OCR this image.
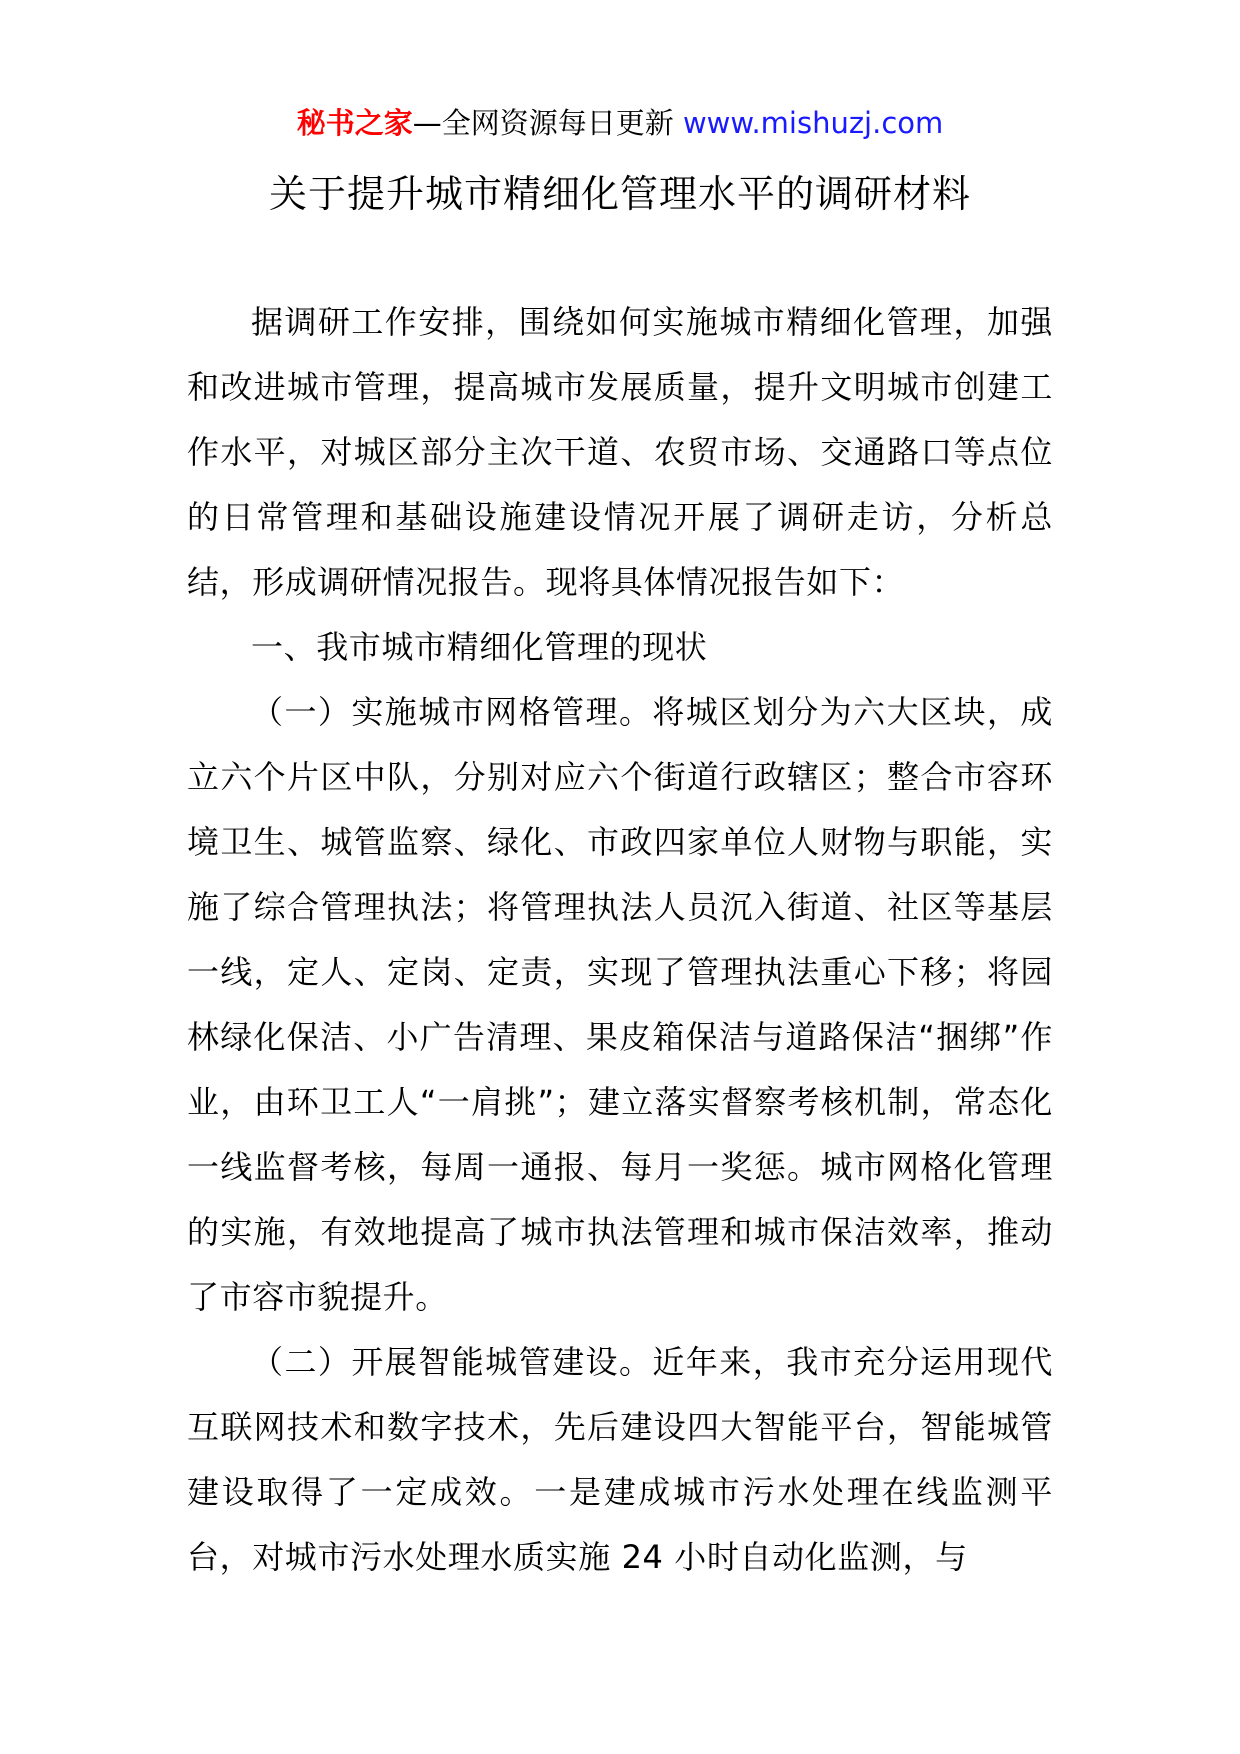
秘书之家—全网资源每日更新 www.mishuzj.com
关于提升城市精细化管理水平的调研材料

据调研工作安排，围绕如何实施城市精细化管理，加强和改进城市管理，提高城市发展质量，提升文明城市创建工作水平，对城区部分主次干道、农贸市场、交通路口等点位的日常管理和基础设施建设情况开展了调研走访，分析总结，形成调研情况报告。现将具体情况报告如下：

一、我市城市精细化管理的现状

（一）实施城市网格管理。将城区划分为六大区块，成立六个片区中队，分别对应六个街道行政辖区；整合市容环境卫生、城管监察、绿化、市政四家单位人财物与职能，实施了综合管理执法；将管理执法人员沉入街道、社区等基层一线，定人、定岗、定责，实现了管理执法重心下移；将园林绿化保洁、小广告清理、果皮箱保洁与道路保洁“捆绑”作业，由环卫工人“一肩挑”；建立落实督察考核机制，常态化一线监督考核，每周一通报、每月一奖惩。城市网格化管理的实施，有效地提高了城市执法管理和城市保洁效率，推动了市容市貌提升。

（二）开展智能城管建设。近年来，我市充分运用现代互联网技术和数字技术，先后建设四大智能平台，智能城管建设取得了一定成效。一是建成城市污水处理在线监测平台，对城市污水处理水质实施 24 小时自动化监测，与
